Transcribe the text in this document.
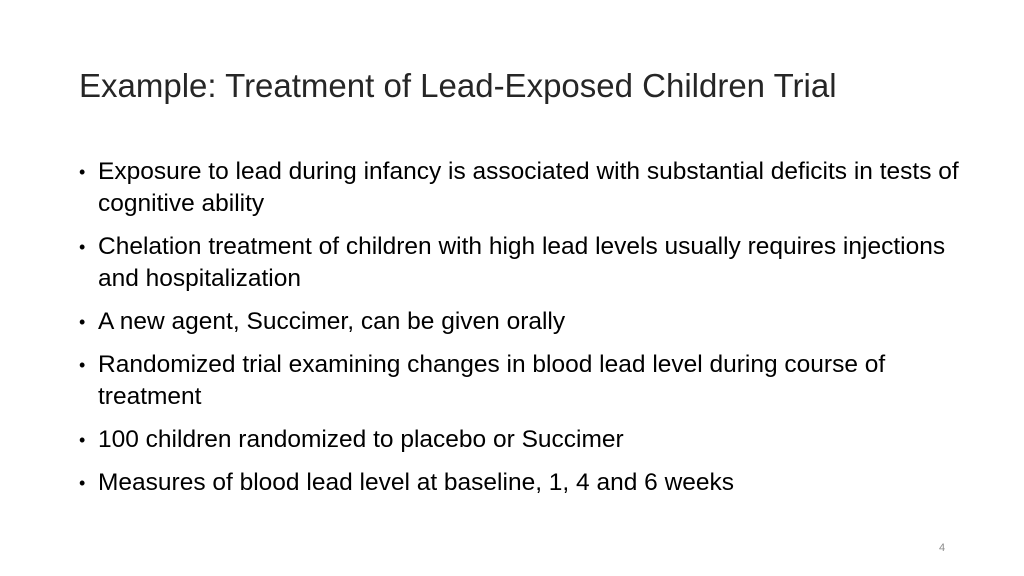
Example: Treatment of Lead-Exposed Children Trial
• Exposure to lead during infancy is associated with substantial deficits in tests of cognitive ability
• Chelation treatment of children with high lead levels usually requires injections and hospitalization
• A new agent, Succimer, can be given orally
• Randomized trial examining changes in blood lead level during course of treatment
• 100 children randomized to placebo or Succimer
• Measures of blood lead level at baseline, 1, 4 and 6 weeks
4
